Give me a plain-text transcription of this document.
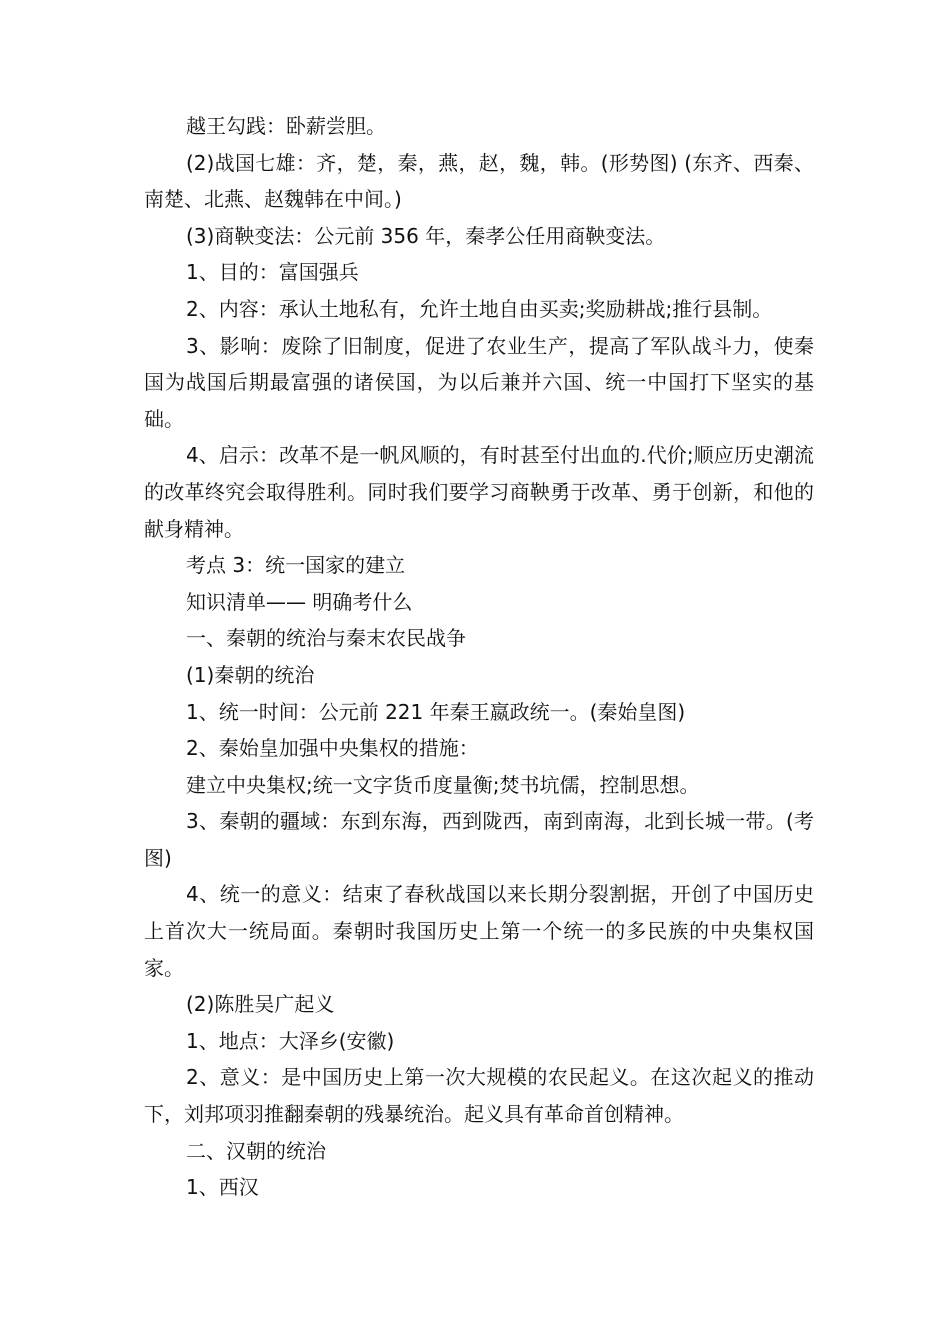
越王勾践：卧薪尝胆。

(2)战国七雄：齐，楚，秦，燕，赵，魏，韩。(形势图) (东齐、西秦、南楚、北燕、赵魏韩在中间。)

(3)商鞅变法：公元前 356 年，秦孝公任用商鞅变法。

1、目的：富国强兵

2、内容：承认土地私有，允许土地自由买卖;奖励耕战;推行县制。

3、影响：废除了旧制度，促进了农业生产，提高了军队战斗力，使秦国为战国后期最富强的诸侯国，为以后兼并六国、统一中国打下坚实的基础。

4、启示：改革不是一帆风顺的，有时甚至付出血的.代价;顺应历史潮流的改革终究会取得胜利。同时我们要学习商鞅勇于改革、勇于创新，和他的献身精神。

考点 3：统一国家的建立

知识清单—— 明确考什么

一、秦朝的统治与秦末农民战争

(1)秦朝的统治

1、统一时间：公元前 221 年秦王嬴政统一。(秦始皇图)

2、秦始皇加强中央集权的措施：

建立中央集权;统一文字货币度量衡;焚书坑儒，控制思想。

3、秦朝的疆域：东到东海，西到陇西，南到南海，北到长城一带。(考图)

4、统一的意义：结束了春秋战国以来长期分裂割据，开创了中国历史上首次大一统局面。秦朝时我国历史上第一个统一的多民族的中央集权国家。

(2)陈胜吴广起义

1、地点：大泽乡(安徽)

2、意义：是中国历史上第一次大规模的农民起义。在这次起义的推动下，刘邦项羽推翻秦朝的残暴统治。起义具有革命首创精神。

二、汉朝的统治

1、西汉
